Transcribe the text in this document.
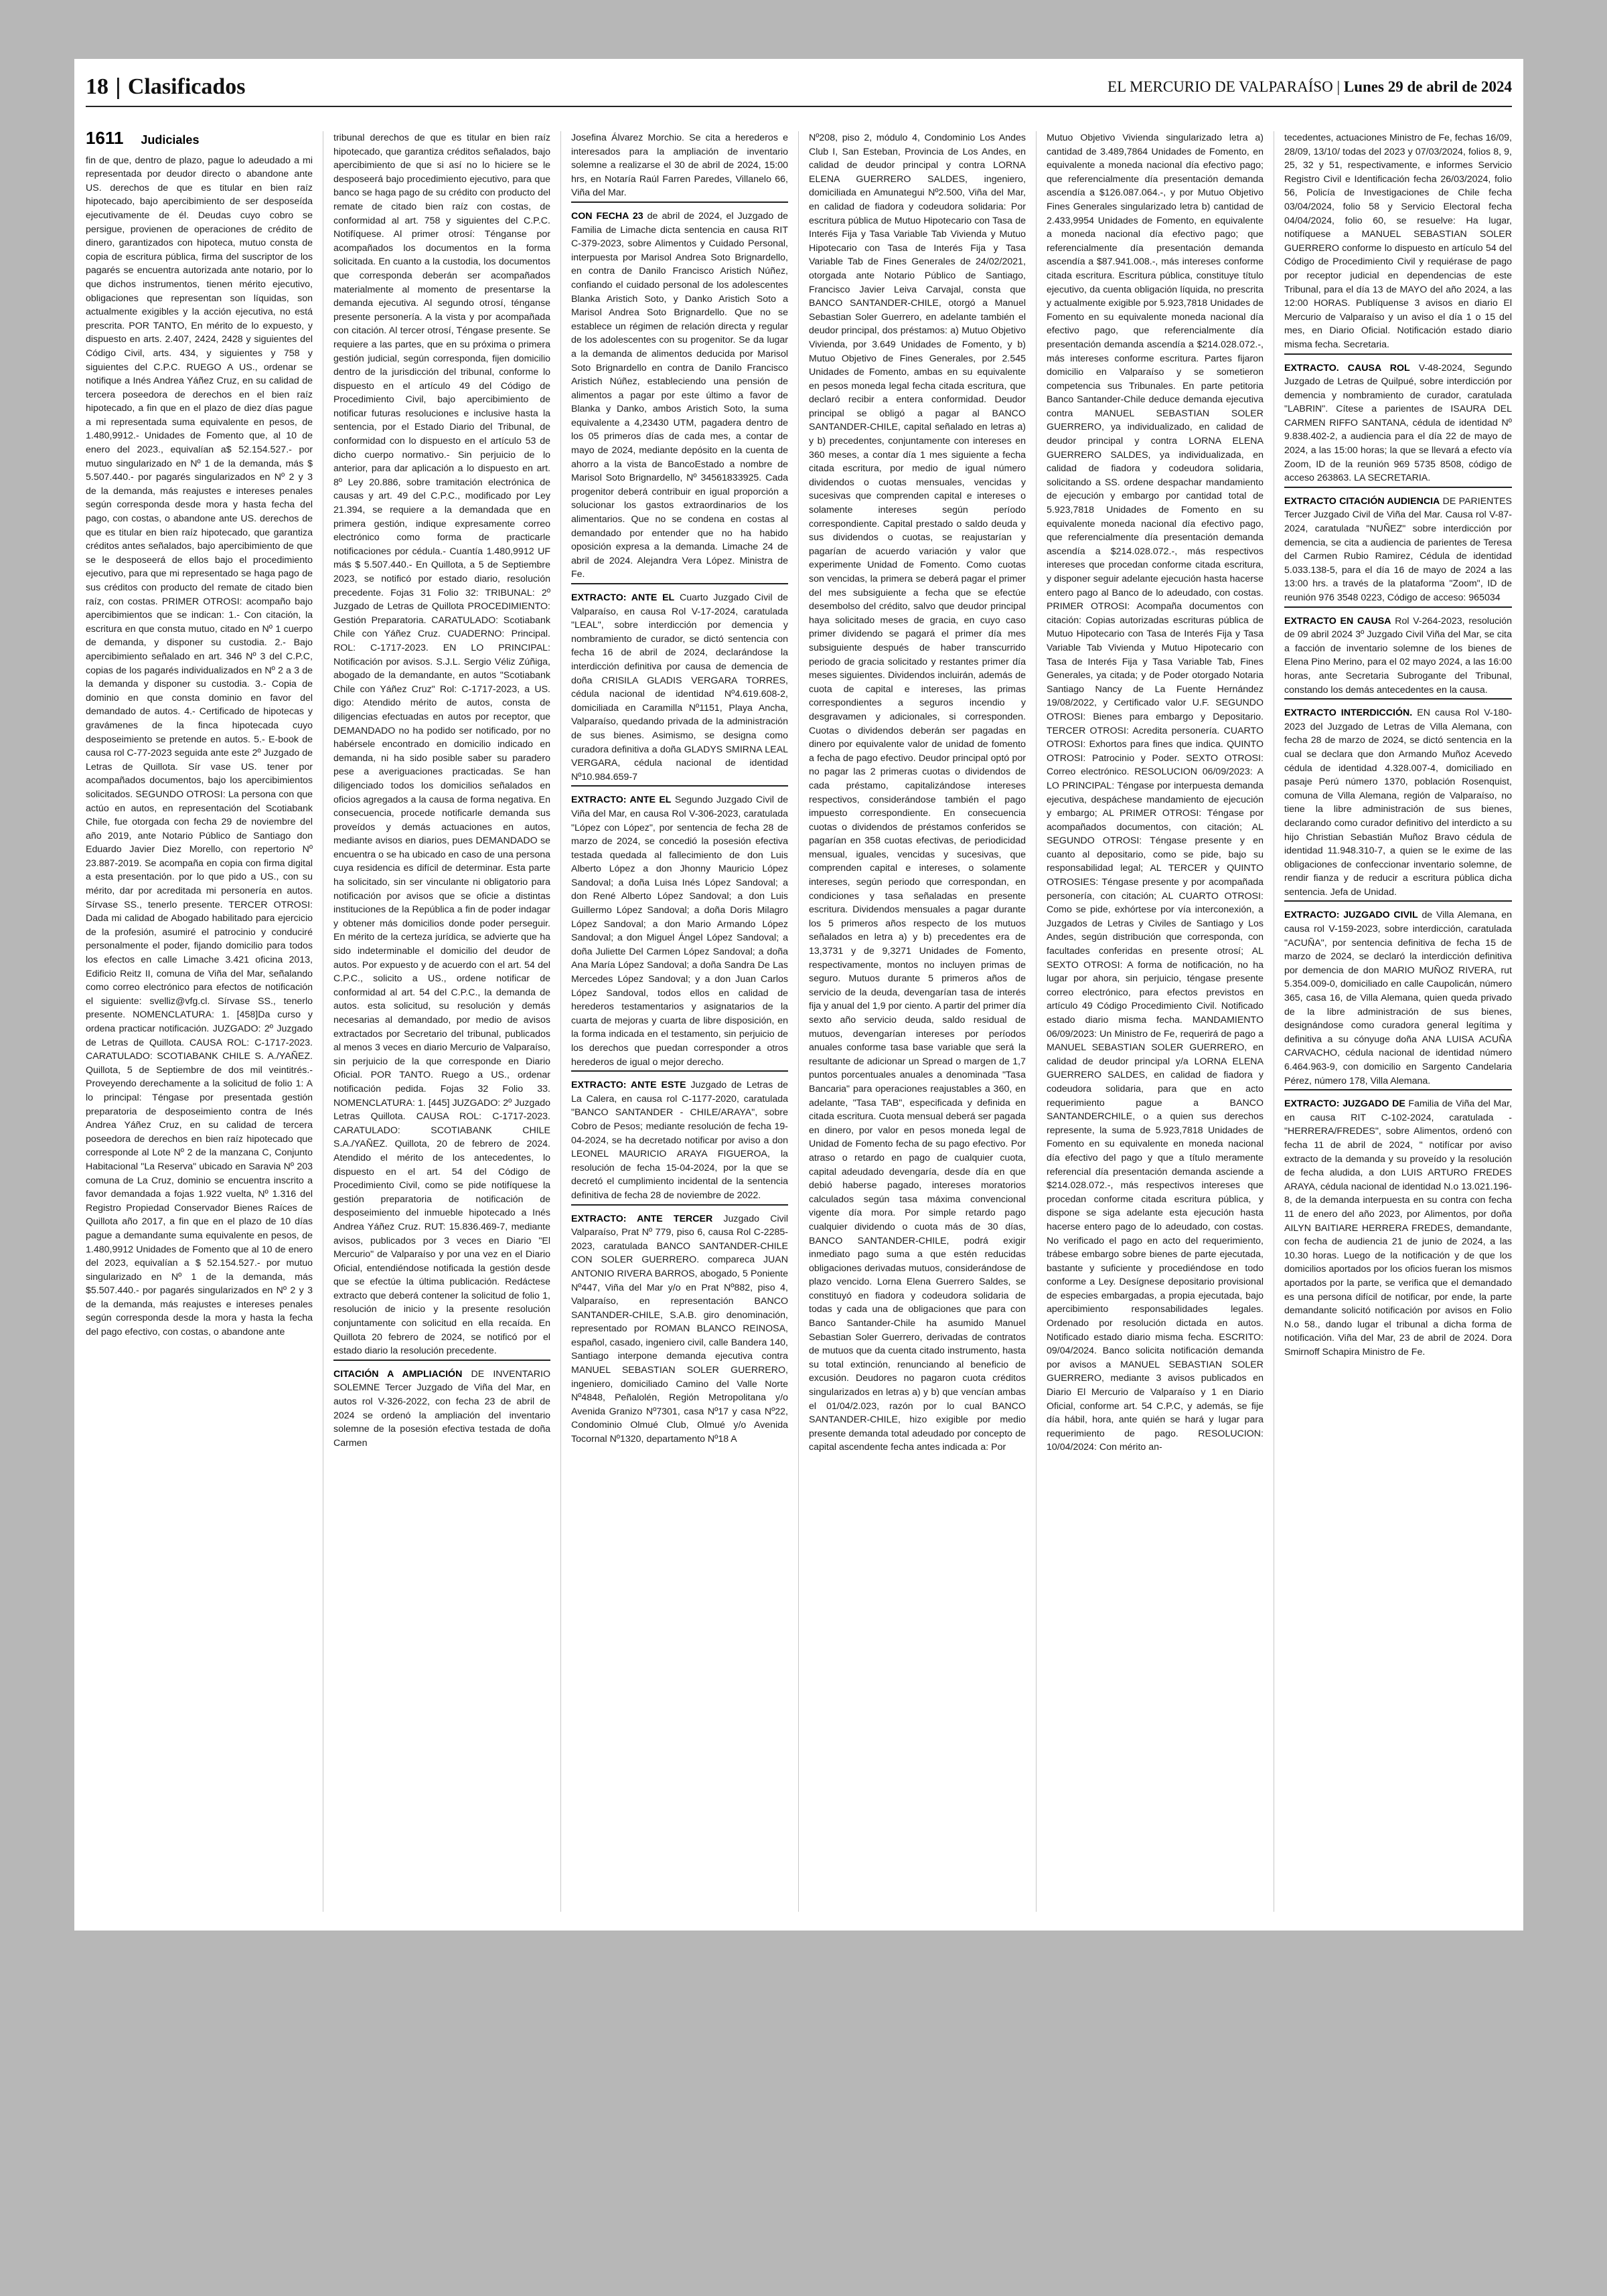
18 | Clasificados	EL MERCURIO DE VALPARAÍSO | Lunes 29 de abril de 2024
1611 Judiciales

fin de que, dentro de plazo, pague lo adeudado a mi representada por deudor directo o abandone ante US. derechos de que es titular en bien raíz hipotecado, bajo apercibimiento de ser desposeída ejecutivamente de él. Deudas cuyo cobro se persigue, provienen de operaciones de crédito de dinero, garantizados con hipoteca, mutuo consta de copia de escritura pública, firma del suscriptor de los pagarés se encuentra autorizada ante notario, por lo que dichos instrumentos, tienen mérito ejecutivo, obligaciones que representan son líquidas, son actualmente exigibles y la acción ejecutiva, no está prescrita. POR TANTO, En mérito de lo expuesto, y dispuesto en arts. 2.407, 2424, 2428 y siguientes del Código Civil, arts. 434, y siguientes y 758 y siguientes del C.P.C. RUEGO A US., ordenar se notifique a Inés Andrea Yáñez Cruz, en su calidad de tercera poseedora de derechos en el bien raíz hipotecado, a fin que en el plazo de diez días pague a mi representada suma equivalente en pesos, de 1.480,9912.- Unidades de Fomento que, al 10 de enero del 2023., equivalían a$ 52.154.527.- por mutuo singularizado en Nº 1 de la demanda, más $ 5.507.440.- por pagarés singularizados en Nº 2 y 3 de la demanda, más reajustes e intereses penales según corresponda desde mora y hasta fecha del pago, con costas, o abandone ante US. derechos de que es titular en bien raíz hipotecado, que garantiza créditos antes señalados, bajo apercibimiento de que se le desposeerá de ellos bajo el procedimiento ejecutivo, para que mi representado se haga pago de sus créditos con producto del remate de citado bien raíz, con costas. PRIMER OTROSI: acompaño bajo apercibimientos que se indican: 1.- Con citación, la escritura en que consta mutuo, citado en Nº 1 cuerpo de demanda, y disponer su custodia. 2.- Bajo apercibimiento señalado en art. 346 Nº 3 del C.P.C, copias de los pagarés individualizados en Nº 2 a 3 de la demanda y disponer su custodia. 3.- Copia de dominio en que consta dominio en favor del demandado de autos. 4.- Certificado de hipotecas y gravámenes de la finca hipotecada cuyo desposeimiento se pretende en autos. 5.- E-book de causa rol C-77-2023 seguida ante este 2º Juzgado de Letras de Quillota. Sír vase US. tener por acompañados documentos, bajo los apercibimientos solicitados. SEGUNDO OTROSI: La persona con que actúo en autos, en representación del Scotiabank Chile, fue otorgada con fecha 29 de noviembre del año 2019, ante Notario Público de Santiago don Eduardo Javier Diez Morello, con repertorio Nº 23.887-2019. Se acompaña en copia con firma digital a esta presentación. por lo que pido a US., con su mérito, dar por acreditada mi personería en autos. Sírvase SS., tenerlo presente. TERCER OTROSI: Dada mi calidad de Abogado habilitado para ejercicio de la profesión, asumiré el patrocinio y conduciré personalmente el poder, fijando domicilio para todos los efectos en calle Limache 3.421 oficina 2013, Edificio Reitz II, comuna de Viña del Mar, señalando como correo electrónico para efectos de notificación el siguiente: svelliz@vfg.cl. Sírvase SS., tenerlo presente. NOMENCLATURA: 1. [458]Da curso y ordena practicar notificación. JUZGADO: 2º Juzgado de Letras de Quillota. CAUSA ROL: C-1717-2023. CARATULADO: SCOTIABANK CHILE S. A./YAÑEZ. Quillota, 5 de Septiembre de dos mil veintitrés.- Proveyendo derechamente a la solicitud de folio 1: A lo principal: Téngase por presentada gestión preparatoria de desposeimiento contra de Inés Andrea Yáñez Cruz, en su calidad de tercera poseedora de derechos en bien raíz hipotecado que corresponde al Lote Nº 2 de la manzana C, Conjunto Habitacional "La Reserva" ubicado en Saravia Nº 203 comuna de La Cruz, dominio se encuentra inscrito a favor demandada a fojas 1.922 vuelta, Nº 1.316 del Registro Propiedad Conservador Bienes Raíces de Quillota año 2017, a fin que en el plazo de 10 días pague a demandante suma equivalente en pesos, de 1.480,9912 Unidades de Fomento que al 10 de enero del 2023, equivalían a $ 52.154.527.- por mutuo singularizado en Nº 1 de la demanda, más $5.507.440.- por pagarés singularizados en Nº 2 y 3 de la demanda, más reajustes e intereses penales según corresponda desde la mora y hasta la fecha del pago efectivo, con costas, o abandone ante

tribunal derechos de que es titular en bien raíz hipotecado, que garantiza créditos señalados, bajo apercibimiento de que si así no lo hiciere se le desposeerá bajo procedimiento ejecutivo, para que banco se haga pago de su crédito con producto del remate de citado bien raíz con costas, de conformidad al art. 758 y siguientes del C.P.C. Notifíquese. Al primer otrosí: Ténganse por acompañados los documentos en la forma solicitada. En cuanto a la custodia, los documentos que corresponda deberán ser acompañados materialmente al momento de presentarse la demanda ejecutiva. Al segundo otrosí, ténganse presente personería. A la vista y por acompañada con citación. Al tercer otrosí, Téngase presente. Se requiere a las partes, que en su próxima o primera gestión judicial, según corresponda, fijen domicilio dentro de la jurisdicción del tribunal, conforme lo dispuesto en el artículo 49 del Código de Procedimiento Civil, bajo apercibimiento de notificar futuras resoluciones e inclusive hasta la sentencia, por el Estado Diario del Tribunal, de conformidad con lo dispuesto en el artículo 53 de dicho cuerpo normativo.- Sin perjuicio de lo anterior, para dar aplicación a lo dispuesto en art. 8º Ley 20.886, sobre tramitación electrónica de causas y art. 49 del C.P.C., modificado por Ley 21.394, se requiere a la demandada que en primera gestión, indique expresamente correo electrónico como forma de practicarle notificaciones por cédula.- Cuantía 1.480,9912 UF más $ 5.507.440.- En Quillota, a 5 de Septiembre 2023, se notificó por estado diario, resolución precedente. Fojas 31 Folio 32: TRIBUNAL: 2º Juzgado de Letras de Quillota PROCEDIMIENTO: Gestión Preparatoria. CARATULADO: Scotiabank Chile con Yáñez Cruz. CUADERNO: Principal. ROL: C-1717-2023. EN LO PRINCIPAL: Notificación por avisos. S.J.L. Sergio Véliz Zúñiga, abogado de la demandante, en autos "Scotiabank Chile con Yáñez Cruz" Rol: C-1717-2023, a US. digo: Atendido mérito de autos, consta de diligencias efectuadas en autos por receptor, que DEMANDADO no ha podido ser notificado, por no habérsele encontrado en domicilio indicado en demanda, ni ha sido posible saber su paradero pese a averiguaciones practicadas. Se han diligenciado todos los domicilios señalados en oficios agregados a la causa de forma negativa. En consecuencia, procede notificarle demanda sus proveídos y demás actuaciones en autos, mediante avisos en diarios, pues DEMANDADO se encuentra o se ha ubicado en caso de una persona cuya residencia es difícil de determinar. Esta parte ha solicitado, sin ser vinculante ni obligatorio para notificación por avisos que se oficie a distintas instituciones de la República a fin de poder indagar y obtener más domicilios donde poder perseguir. En mérito de la certeza jurídica, se advierte que ha sido indeterminable el domicilio del deudor de autos. Por expuesto y de acuerdo con el art. 54 del C.P.C., solicito a US., ordene notificar de conformidad al art. 54 del C.P.C., la demanda de autos. esta solicitud, su resolución y demás necesarias al demandado, por medio de avisos extractados por Secretario del tribunal, publicados al menos 3 veces en diario Mercurio de Valparaíso, sin perjuicio de la que corresponde en Diario Oficial. POR TANTO. Ruego a US., ordenar notificación pedida. Fojas 32 Folio 33. NOMENCLATURA: 1. [445] JUZGADO: 2º Juzgado Letras Quillota. CAUSA ROL: C-1717-2023. CARATULADO: SCOTIABANK CHILE S.A./YAÑEZ. Quillota, 20 de febrero de 2024. Atendido el mérito de los antecedentes, lo dispuesto en el art. 54 del Código de Procedimiento Civil, como se pide notifíquese la gestión preparatoria de notificación de desposeimiento del inmueble hipotecado a Inés Andrea Yáñez Cruz. RUT: 15.836.469-7, mediante avisos, publicados por 3 veces en Diario "El Mercurio" de Valparaíso y por una vez en el Diario Oficial, entendiéndose notificada la gestión desde que se efectúe la última publicación. Redáctese extracto que deberá contener la solicitud de folio 1, resolución de inicio y la presente resolución conjuntamente con solicitud en ella recaída. En Quillota 20 febrero de 2024, se notificó por el estado diario la resolución precedente.

CITACIÓN A AMPLIACIÓN DE INVENTARIO SOLEMNE Tercer Juzgado de Viña del Mar, en autos rol V-326-2022, con fecha 23 de abril de 2024 se ordenó la ampliación del inventario solemne de la posesión efectiva testada de doña Carmen

Josefina Álvarez Morchio. Se cita a herederos e interesados para la ampliación de inventario solemne a realizarse el 30 de abril de 2024, 15:00 hrs, en Notaría Raúl Farren Paredes, Villanelo 66, Viña del Mar.

CON FECHA 23 de abril de 2024, el Juzgado de Familia de Limache dicta sentencia en causa RIT C-379-2023, sobre Alimentos y Cuidado Personal, interpuesta por Marisol Andrea Soto Brignardello, en contra de Danilo Francisco Aristich Núñez, confiando el cuidado personal de los adolescentes Blanka Aristich Soto, y Danko Aristich Soto a Marisol Andrea Soto Brignardello. Que no se establece un régimen de relación directa y regular de los adolescentes con su progenitor. Se da lugar a la demanda de alimentos deducida por Marisol Soto Brignardello en contra de Danilo Francisco Aristich Núñez, estableciendo una pensión de alimentos a pagar por este último a favor de Blanka y Danko, ambos Aristich Soto, la suma equivalente a 4,23430 UTM, pagadera dentro de los 05 primeros días de cada mes, a contar de mayo de 2024, mediante depósito en la cuenta de ahorro a la vista de BancoEstado a nombre de Marisol Soto Brignardello, Nº 34561833925. Cada progenitor deberá contribuir en igual proporción a solucionar los gastos extraordinarios de los alimentarios. Que no se condena en costas al demandado por entender que no ha habido oposición expresa a la demanda. Limache 24 de abril de 2024. Alejandra Vera López. Ministra de Fe.

EXTRACTO: ANTE EL Cuarto Juzgado Civil de Valparaíso, en causa Rol V-17-2024, caratulada "LEAL", sobre interdicción por demencia y nombramiento de curador, se dictó sentencia con fecha 16 de abril de 2024, declarándose la interdicción definitiva por causa de demencia de doña CRISILA GLADIS VERGARA TORRES, cédula nacional de identidad Nº4.619.608-2, domiciliada en Caramilla Nº1151, Playa Ancha, Valparaíso, quedando privada de la administración de sus bienes. Asimismo, se designa como curadora definitiva a doña GLADYS SMIRNA LEAL VERGARA, cédula nacional de identidad Nº10.984.659-7

EXTRACTO: ANTE EL Segundo Juzgado Civil de Viña del Mar, en causa Rol V-306-2023, caratulada "López con López", por sentencia de fecha 28 de marzo de 2024, se concedió la posesión efectiva testada quedada al fallecimiento de don Luis Alberto López a don Jhonny Mauricio López Sandoval; a doña Luisa Inés López Sandoval; a don René Alberto López Sandoval; a don Luis Guillermo López Sandoval; a doña Doris Milagro López Sandoval; a don Mario Armando López Sandoval; a don Miguel Ángel López Sandoval; a doña Juliette Del Carmen López Sandoval; a doña Ana María López Sandoval; a doña Sandra De Las Mercedes López Sandoval; y a don Juan Carlos López Sandoval, todos ellos en calidad de herederos testamentarios y asignatarios de la cuarta de mejoras y cuarta de libre disposición, en la forma indicada en el testamento, sin perjuicio de los derechos que puedan corresponder a otros herederos de igual o mejor derecho.

EXTRACTO: ANTE ESTE Juzgado de Letras de La Calera, en causa rol C-1177-2020, caratulada "BANCO SANTANDER - CHILE/ARAYA", sobre Cobro de Pesos; mediante resolución de fecha 19-04-2024, se ha decretado notificar por aviso a don LEONEL MAURICIO ARAYA FIGUEROA, la resolución de fecha 15-04-2024, por la que se decretó el cumplimiento incidental de la sentencia definitiva de fecha 28 de noviembre de 2022.

EXTRACTO: ANTE TERCER Juzgado Civil Valparaíso, Prat Nº 779, piso 6, causa Rol C-2285-2023, caratulada BANCO SANTANDER-CHILE CON SOLER GUERRERO. compareca JUAN ANTONIO RIVERA BARROS, abogado, 5 Poniente Nº447, Viña del Mar y/o en Prat Nº882, piso 4, Valparaíso, en representación BANCO SANTANDER-CHILE, S.A.B. giro denominación, representado por ROMAN BLANCO REINOSA, español, casado, ingeniero civil, calle Bandera 140, Santiago interpone demanda ejecutiva contra MANUEL SEBASTIAN SOLER GUERRERO, ingeniero, domiciliado Camino del Valle Norte Nº4848, Peñalolén, Región Metropolitana y/o Avenida Granizo Nº7301, casa Nº17 y casa Nº22, Condominio Olmué Club, Olmué y/o Avenida Tocornal Nº1320, departamento Nº18 A

Nº208, piso 2, módulo 4, Condominio Los Andes Club I, San Esteban, Provincia de Los Andes, en calidad de deudor principal y contra LORNA ELENA GUERRERO SALDES, ingeniero, domiciliada en Amunategui Nº2.500, Viña del Mar, en calidad de fiadora y codeudora solidaria: Por escritura pública de Mutuo Hipotecario con Tasa de Interés Fija y Tasa Variable Tab Vivienda y Mutuo Hipotecario con Tasa de Interés Fija y Tasa Variable Tab de Fines Generales de 24/02/2021, otorgada ante Notario Público de Santiago, Francisco Javier Leiva Carvajal, consta que BANCO SANTANDER-CHILE, otorgó a Manuel Sebastian Soler Guerrero, en adelante también el deudor principal, dos préstamos: a) Mutuo Objetivo Vivienda, por 3.649 Unidades de Fomento, y b) Mutuo Objetivo de Fines Generales, por 2.545 Unidades de Fomento, ambas en su equivalente en pesos moneda legal fecha citada escritura, que declaró recibir a entera conformidad. Deudor principal se obligó a pagar al BANCO SANTANDER-CHILE, capital señalado en letras a) y b) precedentes, conjuntamente con intereses en 360 meses, a contar día 1 mes siguiente a fecha citada escritura, por medio de igual número dividendos o cuotas mensuales, vencidas y sucesivas que comprenden capital e intereses o solamente intereses según período correspondiente. Capital prestado o saldo deuda y sus dividendos o cuotas, se reajustarían y pagarían de acuerdo variación y valor que experimente Unidad de Fomento. Como cuotas son vencidas, la primera se deberá pagar el primer del mes subsiguiente a fecha que se efectúe desembolso del crédito, salvo que deudor principal haya solicitado meses de gracia, en cuyo caso primer dividendo se pagará el primer día mes subsiguiente después de haber transcurrido periodo de gracia solicitado y restantes primer día meses siguientes. Dividendos incluirán, además de cuota de capital e intereses, las primas correspondientes a seguros incendio y desgravamen y adicionales, si corresponden. Cuotas o dividendos deberán ser pagadas en dinero por equivalente valor de unidad de fomento a fecha de pago efectivo. Deudor principal optó por no pagar las 2 primeras cuotas o dividendos de cada préstamo, capitalizándose intereses respectivos, considerándose también el pago impuesto correspondiente. En consecuencia cuotas o dividendos de préstamos conferidos se pagarían en 358 cuotas efectivas, de periodicidad mensual, iguales, vencidas y sucesivas, que comprenden capital e intereses, o solamente intereses, según periodo que correspondan, en condiciones y tasa señaladas en presente escritura. Dividendos mensuales a pagar durante los 5 primeros años respecto de los mutuos señalados en letra a) y b) precedentes era de 13,3731 y de 9,3271 Unidades de Fomento, respectivamente, montos no incluyen primas de seguro. Mutuos durante 5 primeros años de servicio de la deuda, devengarían tasa de interés fija y anual del 1,9 por ciento. A partir del primer día sexto año servicio deuda, saldo residual de mutuos, devengarían intereses por períodos anuales conforme tasa base variable que será la resultante de adicionar un Spread o margen de 1,7 puntos porcentuales anuales a denominada "Tasa Bancaria" para operaciones reajustables a 360, en adelante, "Tasa TAB", especificada y definida en citada escritura. Cuota mensual deberá ser pagada en dinero, por valor en pesos moneda legal de Unidad de Fomento fecha de su pago efectivo. Por atraso o retardo en pago de cualquier cuota, capital adeudado devengaría, desde día en que debió haberse pagado, intereses moratorios calculados según tasa máxima convencional vigente día mora. Por simple retardo pago cualquier dividendo o cuota más de 30 días, BANCO SANTANDER-CHILE, podrá exigir inmediato pago suma a que estén reducidas obligaciones derivadas mutuos, considerándose de plazo vencido. Lorna Elena Guerrero Saldes, se constituyó en fiadora y codeudora solidaria de todas y cada una de obligaciones que para con Banco Santander-Chile ha asumido Manuel Sebastian Soler Guerrero, derivadas de contratos de mutuos que da cuenta citado instrumento, hasta su total extinción, renunciando al beneficio de excusión. Deudores no pagaron cuota créditos singularizados en letras a) y b) que vencían ambas el 01/04/2.023, razón por lo cual BANCO SANTANDER-CHILE, hizo exigible por medio presente demanda total adeudado por concepto de capital ascendente fecha antes indicada a: Por

Mutuo Objetivo Vivienda singularizado letra a) cantidad de 3.489,7864 Unidades de Fomento, en equivalente a moneda nacional día efectivo pago; que referencialmente día presentación demanda ascendía a $126.087.064.-, y por Mutuo Objetivo Fines Generales singularizado letra b) cantidad de 2.433,9954 Unidades de Fomento, en equivalente a moneda nacional día efectivo pago; que referencialmente día presentación demanda ascendía a $87.941.008.-, más intereses conforme citada escritura. Escritura pública, constituye título ejecutivo, da cuenta obligación líquida, no prescrita y actualmente exigible por 5.923,7818 Unidades de Fomento en su equivalente moneda nacional día efectivo pago, que referencialmente día presentación demanda ascendía a $214.028.072.-, más intereses conforme escritura. Partes fijaron domicilio en Valparaíso y se sometieron competencia sus Tribunales. En parte petitoria Banco Santander-Chile deduce demanda ejecutiva contra MANUEL SEBASTIAN SOLER GUERRERO, ya individualizado, en calidad de deudor principal y contra LORNA ELENA GUERRERO SALDES, ya individualizada, en calidad de fiadora y codeudora solidaria, solicitando a SS. ordene despachar mandamiento de ejecución y embargo por cantidad total de 5.923,7818 Unidades de Fomento en su equivalente moneda nacional día efectivo pago, que referencialmente día presentación demanda ascendía a $214.028.072.-, más respectivos intereses que procedan conforme citada escritura, y disponer seguir adelante ejecución hasta hacerse entero pago al Banco de lo adeudado, con costas. PRIMER OTROSI: Acompaña documentos con citación: Copias autorizadas escrituras pública de Mutuo Hipotecario con Tasa de Interés Fija y Tasa Variable Tab Vivienda y Mutuo Hipotecario con Tasa de Interés Fija y Tasa Variable Tab, Fines Generales, ya citada; y de Poder otorgado Notaria Santiago Nancy de La Fuente Hernández 19/08/2022, y Certificado valor U.F. SEGUNDO OTROSI: Bienes para embargo y Depositario. TERCER OTROSI: Acredita personería. CUARTO OTROSI: Exhortos para fines que indica. QUINTO OTROSI: Patrocinio y Poder. SEXTO OTROSI: Correo electrónico. RESOLUCION 06/09/2023: A LO PRINCIPAL: Téngase por interpuesta demanda ejecutiva, despáchese mandamiento de ejecución y embargo; AL PRIMER OTROSI: Téngase por acompañados documentos, con citación; AL SEGUNDO OTROSI: Téngase presente y en cuanto al depositario, como se pide, bajo su responsabilidad legal; AL TERCER y QUINTO OTROSIES: Téngase presente y por acompañada personería, con citación; AL CUARTO OTROSI: Como se pide, exhórtese por vía interconexión, a Juzgados de Letras y Civiles de Santiago y Los Andes, según distribución que corresponda, con facultades conferidas en presente otrosí; AL SEXTO OTROSI: A forma de notificación, no ha lugar por ahora, sin perjuicio, téngase presente correo electrónico, para efectos previstos en artículo 49 Código Procedimiento Civil. Notificado estado diario misma fecha. MANDAMIENTO 06/09/2023: Un Ministro de Fe, requerirá de pago a MANUEL SEBASTIAN SOLER GUERRERO, en calidad de deudor principal y/a LORNA ELENA GUERRERO SALDES, en calidad de fiadora y codeudora solidaria, para que en acto requerimiento pague a BANCO SANTANDERCHILE, o a quien sus derechos represente, la suma de 5.923,7818 Unidades de Fomento en su equivalente en moneda nacional día efectivo del pago y que a título meramente referencial día presentación demanda asciende a $214.028.072.-, más respectivos intereses que procedan conforme citada escritura pública, y dispone se siga adelante esta ejecución hasta hacerse entero pago de lo adeudado, con costas. No verificado el pago en acto del requerimiento, trábese embargo sobre bienes de parte ejecutada, bastante y suficiente y procediéndose en todo conforme a Ley. Desígnese depositario provisional de especies embargadas, a propia ejecutada, bajo apercibimiento responsabilidades legales. Ordenado por resolución dictada en autos. Notificado estado diario misma fecha. ESCRITO: 09/04/2024. Banco solicita notificación demanda por avisos a MANUEL SEBASTIAN SOLER GUERRERO, mediante 3 avisos publicados en Diario El Mercurio de Valparaíso y 1 en Diario Oficial, conforme art. 54 C.P.C, y además, se fije día hábil, hora, ante quién se hará y lugar para requerimiento de pago. RESOLUCION: 10/04/2024: Con mérito an-

tecedentes, actuaciones Ministro de Fe, fechas 16/09, 28/09, 13/10/ todas del 2023 y 07/03/2024, folios 8, 9, 25, 32 y 51, respectivamente, e informes Servicio Registro Civil e Identificación fecha 26/03/2024, folio 56, Policía de Investigaciones de Chile fecha 03/04/2024, folio 58 y Servicio Electoral fecha 04/04/2024, folio 60, se resuelve: Ha lugar, notifíquese a MANUEL SEBASTIAN SOLER GUERRERO conforme lo dispuesto en artículo 54 del Código de Procedimiento Civil y requiérase de pago por receptor judicial en dependencias de este Tribunal, para el día 13 de MAYO del año 2024, a las 12:00 HORAS. Publíquense 3 avisos en diario El Mercurio de Valparaíso y un aviso el día 1 o 15 del mes, en Diario Oficial. Notificación estado diario misma fecha. Secretaria.

EXTRACTO. CAUSA ROL V-48-2024, Segundo Juzgado de Letras de Quilpué, sobre interdicción por demencia y nombramiento de curador, caratulada "LABRIN". Cítese a parientes de ISAURA DEL CARMEN RIFFO SANTANA, cédula de identidad Nº 9.838.402-2, a audiencia para el día 22 de mayo de 2024, a las 15:00 horas; la que se llevará a efecto vía Zoom, ID de la reunión 969 5735 8508, código de acceso 263863. LA SECRETARIA.

EXTRACTO CITACIÓN AUDIENCIA DE PARIENTES Tercer Juzgado Civil de Viña del Mar. Causa rol V-87-2024, caratulada "NUÑEZ" sobre interdicción por demencia, se cita a audiencia de parientes de Teresa del Carmen Rubio Ramirez, Cédula de identidad 5.033.138-5, para el día 16 de mayo de 2024 a las 13:00 hrs. a través de la plataforma "Zoom", ID de reunión 976 3548 0223, Código de acceso: 965034

EXTRACTO EN CAUSA Rol V-264-2023, resolución de 09 abril 2024 3º Juzgado Civil Viña del Mar, se cita a facción de inventario solemne de los bienes de Elena Pino Merino, para el 02 mayo 2024, a las 16:00 horas, ante Secretaria Subrogante del Tribunal, constando los demás antecedentes en la causa.

EXTRACTO INTERDICCIÓN. EN causa Rol V-180-2023 del Juzgado de Letras de Villa Alemana, con fecha 28 de marzo de 2024, se dictó sentencia en la cual se declara que don Armando Muñoz Acevedo cédula de identidad 4.328.007-4, domiciliado en pasaje Perú número 1370, población Rosenquist, comuna de Villa Alemana, región de Valparaíso, no tiene la libre administración de sus bienes, declarando como curador definitivo del interdicto a su hijo Christian Sebastián Muñoz Bravo cédula de identidad 11.948.310-7, a quien se le exime de las obligaciones de confeccionar inventario solemne, de rendir fianza y de reducir a escritura pública dicha sentencia. Jefa de Unidad.

EXTRACTO: JUZGADO CIVIL de Villa Alemana, en causa rol V-159-2023, sobre interdicción, caratulada "ACUÑA", por sentencia definitiva de fecha 15 de marzo de 2024, se declaró la interdicción definitiva por demencia de don MARIO MUÑOZ RIVERA, rut 5.354.009-0, domiciliado en calle Caupolicán, número 365, casa 16, de Villa Alemana, quien queda privado de la libre administración de sus bienes, designándose como curadora general legítima y definitiva a su cónyuge doña ANA LUISA ACUÑA CARVACHO, cédula nacional de identidad número 6.464.963-9, con domicilio en Sargento Candelaria Pérez, número 178, Villa Alemana.

EXTRACTO: JUZGADO DE Familia de Viña del Mar, en causa RIT C-102-2024, caratulada - "HERRERA/FREDES", sobre Alimentos, ordenó con fecha 11 de abril de 2024, " notifícar por aviso extracto de la demanda y su proveído y la resolución de fecha aludida, a don LUIS ARTURO FREDES ARAYA, cédula nacional de identidad N.o 13.021.196-8, de la demanda interpuesta en su contra con fecha 11 de enero del año 2023, por Alimentos, por doña AILYN BAITIARE HERRERA FREDES, demandante, con fecha de audiencia 21 de junio de 2024, a las 10.30 horas. Luego de la notificación y de que los domicilios aportados por los oficios fueran los mismos aportados por la parte, se verifica que el demandado es una persona difícil de notificar, por ende, la parte demandante solicitó notificación por avisos en Folio N.o 58., dando lugar el tribunal a dicha forma de notificación. Viña del Mar, 23 de abril de 2024. Dora Smirnoff Schapira Ministro de Fe.
